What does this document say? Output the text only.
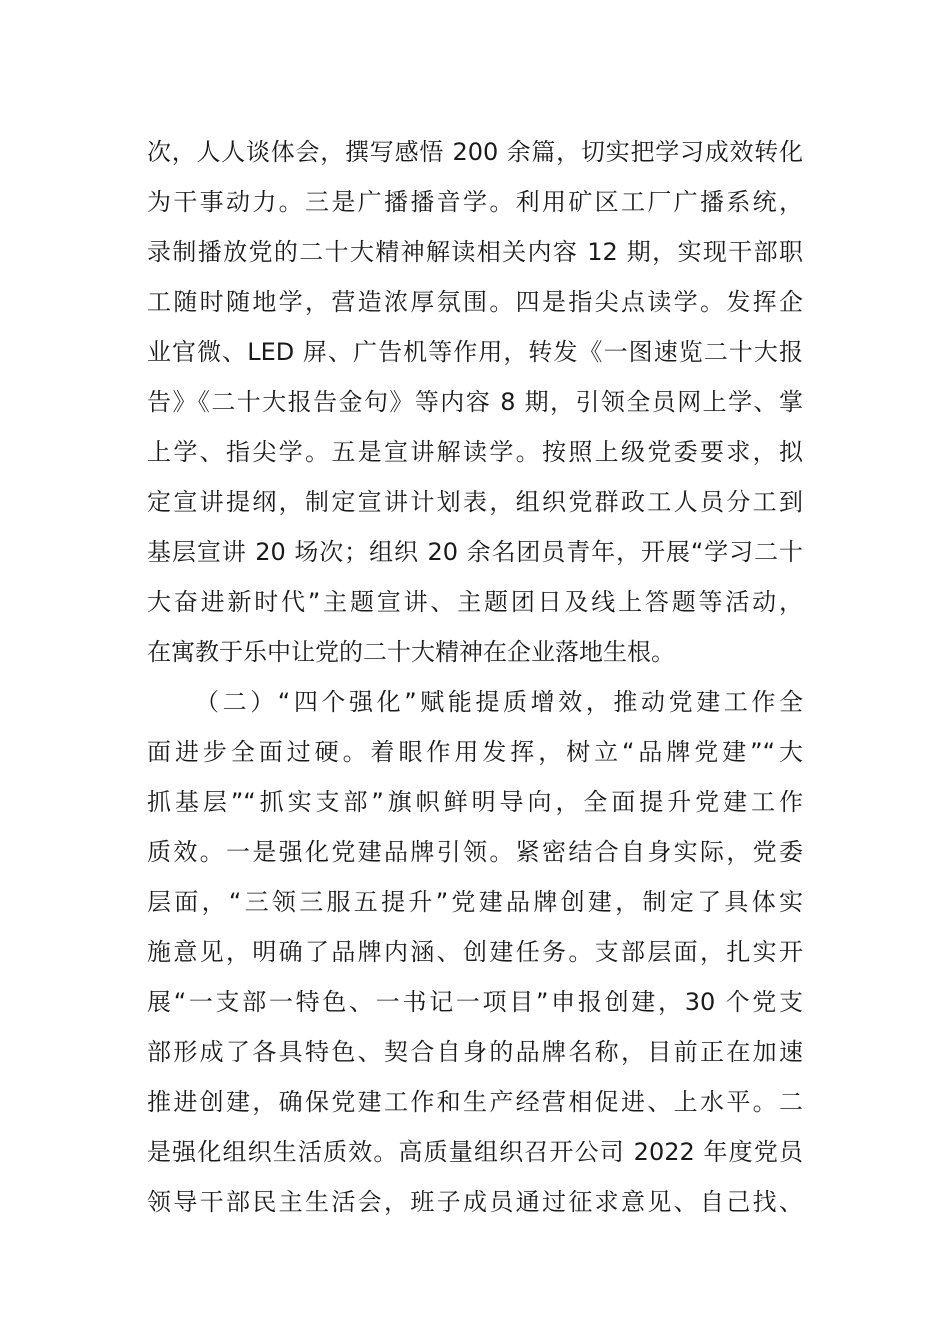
次，人人谈体会，撰写感悟 200 余篇，切实把学习成效转化
为干事动力。三是广播播音学。利用矿区工厂广播系统，
录制播放党的二十大精神解读相关内容 12 期，实现干部职
工随时随地学，营造浓厚氛围。四是指尖点读学。发挥企
业官微、LED 屏、广告机等作用，转发《一图速览二十大报
告》《二十大报告金句》等内容 8 期，引领全员网上学、掌
上学、指尖学。五是宣讲解读学。按照上级党委要求，拟
定宣讲提纲，制定宣讲计划表，组织党群政工人员分工到
基层宣讲 20 场次；组织 20 余名团员青年，开展“学习二十
大奋进新时代”主题宣讲、主题团日及线上答题等活动，
在寓教于乐中让党的二十大精神在企业落地生根。
（二）“四个强化”赋能提质增效，推动党建工作全
面进步全面过硬。着眼作用发挥，树立“品牌党建”“大
抓基层”“抓实支部”旗帜鲜明导向，全面提升党建工作
质效。一是强化党建品牌引领。紧密结合自身实际，党委
层面，“三领三服五提升”党建品牌创建，制定了具体实
施意见，明确了品牌内涵、创建任务。支部层面，扎实开
展“一支部一特色、一书记一项目”申报创建，30 个党支
部形成了各具特色、契合自身的品牌名称，目前正在加速
推进创建，确保党建工作和生产经营相促进、上水平。二
是强化组织生活质效。高质量组织召开公司 2022 年度党员
领导干部民主生活会，班子成员通过征求意见、自己找、
